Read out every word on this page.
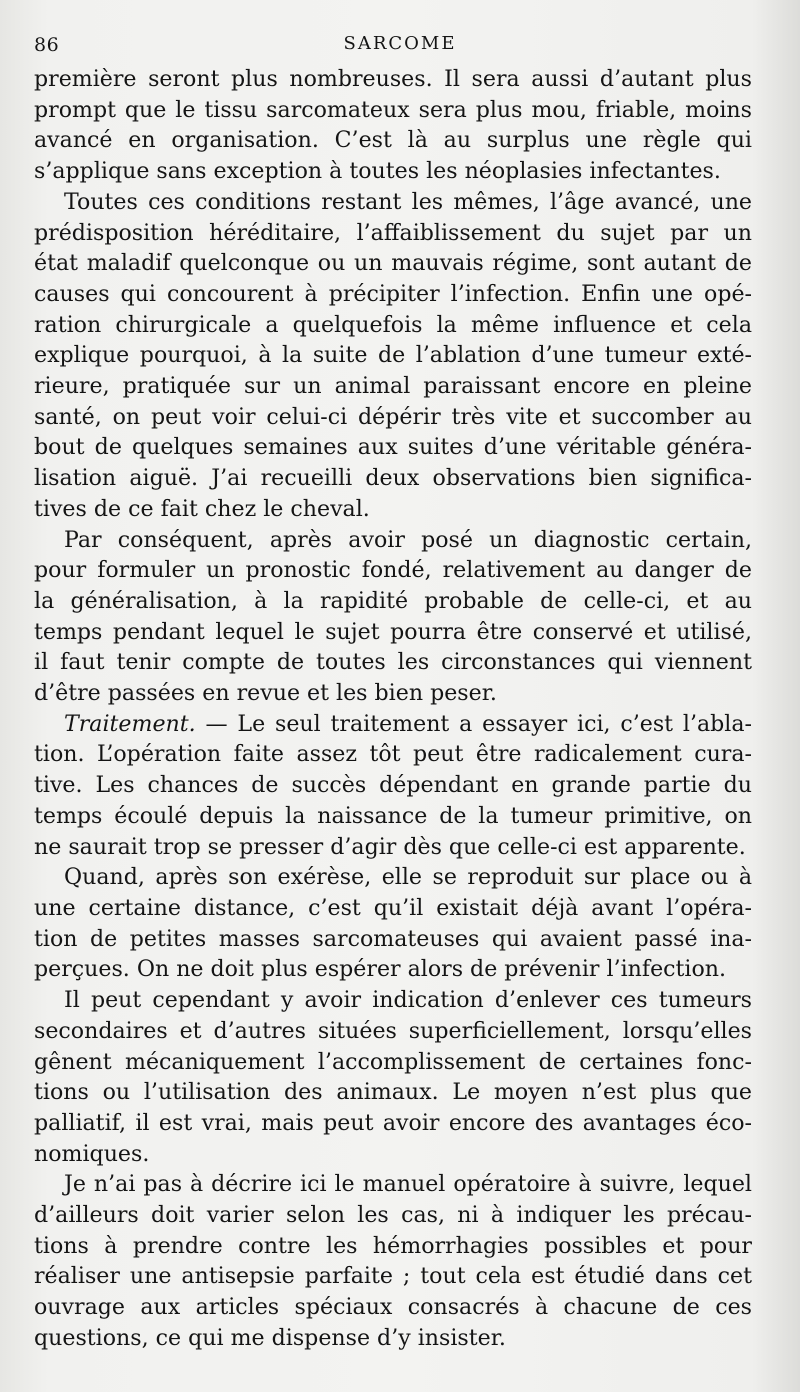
86	SARCOME

première seront plus nombreuses. Il sera aussi d’autant plus
prompt que le tissu sarcomateux sera plus mou, friable, moins
avancé en organisation. C’est là au surplus une règle qui
s’applique sans exception à toutes les néoplasies infectantes.

Toutes ces conditions restant les mêmes, l’âge avancé, une
prédisposition héréditaire, l’affaiblissement du sujet par un
état maladif quelconque ou un mauvais régime, sont autant de
causes qui concourent à précipiter l’infection. Enfin une opé-
ration chirurgicale a quelquefois la même influence et cela
explique pourquoi, à la suite de l’ablation d’une tumeur exté-
rieure, pratiquée sur un animal paraissant encore en pleine
santé, on peut voir celui-ci dépérir très vite et succomber au
bout de quelques semaines aux suites d’une véritable généra-
lisation aiguë. J’ai recueilli deux observations bien significa-
tives de ce fait chez le cheval.

Par conséquent, après avoir posé un diagnostic certain,
pour formuler un pronostic fondé, relativement au danger de
la généralisation, à la rapidité probable de celle-ci, et au
temps pendant lequel le sujet pourra être conservé et utilisé,
il faut tenir compte de toutes les circonstances qui viennent
d’être passées en revue et les bien peser.

Traitement. — Le seul traitement a essayer ici, c’est l’abla-
tion. L’opération faite assez tôt peut être radicalement cura-
tive. Les chances de succès dépendant en grande partie du
temps écoulé depuis la naissance de la tumeur primitive, on
ne saurait trop se presser d’agir dès que celle-ci est apparente.

Quand, après son exérèse, elle se reproduit sur place ou à
une certaine distance, c’est qu’il existait déjà avant l’opéra-
tion de petites masses sarcomateuses qui avaient passé ina-
perçues. On ne doit plus espérer alors de prévenir l’infection.

Il peut cependant y avoir indication d’enlever ces tumeurs
secondaires et d’autres situées superficiellement, lorsqu’elles
gênent mécaniquement l’accomplissement de certaines fonc-
tions ou l’utilisation des animaux. Le moyen n’est plus que
palliatif, il est vrai, mais peut avoir encore des avantages éco-
nomiques.

Je n’ai pas à décrire ici le manuel opératoire à suivre, lequel
d’ailleurs doit varier selon les cas, ni à indiquer les précau-
tions à prendre contre les hémorrhagies possibles et pour
réaliser une antisepsie parfaite ; tout cela est étudié dans cet
ouvrage aux articles spéciaux consacrés à chacune de ces
questions, ce qui me dispense d’y insister.
